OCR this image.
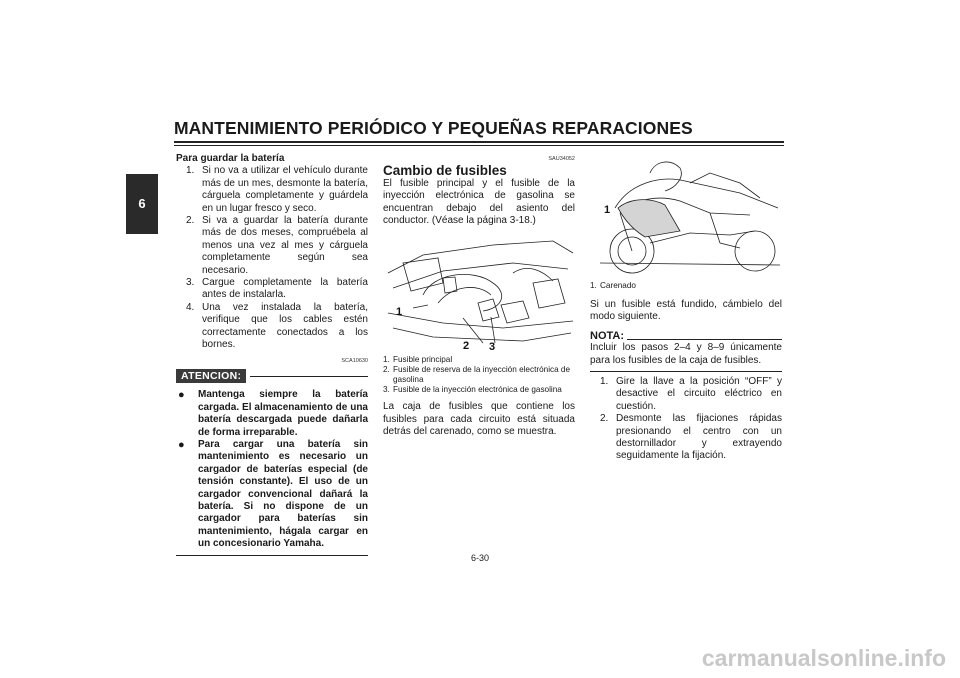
MANTENIMIENTO PERIÓDICO Y PEQUEÑAS REPARACIONES
6
Para guardar la batería
1. Si no va a utilizar el vehículo durante más de un mes, desmonte la batería, cárguela completamente y guárdela en un lugar fresco y seco.
2. Si va a guardar la batería durante más de dos meses, compruébela al menos una vez al mes y cárguela completamente según sea necesario.
3. Cargue completamente la batería antes de instalarla.
4. Una vez instalada la batería, verifique que los cables estén correctamente conectados a los bornes.
SCA10630
ATENCION:
● Mantenga siempre la batería cargada. El almacenamiento de una batería descargada puede dañarla de forma irreparable.
● Para cargar una batería sin mantenimiento es necesario un cargador de baterías especial (de tensión constante). El uso de un cargador convencional dañará la batería. Si no dispone de un cargador para baterías sin mantenimiento, hágala cargar en un concesionario Yamaha.
SAU34052
Cambio de fusibles
El fusible principal y el fusible de la inyección electrónica de gasolina se encuentran debajo del asiento del conductor. (Véase la página 3-18.)
1
2 3
1. Fusible principal
2. Fusible de reserva de la inyección electrónica de gasolina
3. Fusible de la inyección electrónica de gasolina
La caja de fusibles que contiene los fusibles para cada circuito está situada detrás del carenado, como se muestra.
1
1. Carenado
Si un fusible está fundido, cámbielo del modo siguiente.
NOTA:
Incluir los pasos 2–4 y 8–9 únicamente para los fusibles de la caja de fusibles.
1. Gire la llave a la posición “OFF” y desactive el circuito eléctrico en cuestión.
2. Desmonte las fijaciones rápidas presionando el centro con un destornillador y extrayendo seguidamente la fijación.
6-30
carmanualsonline.info
